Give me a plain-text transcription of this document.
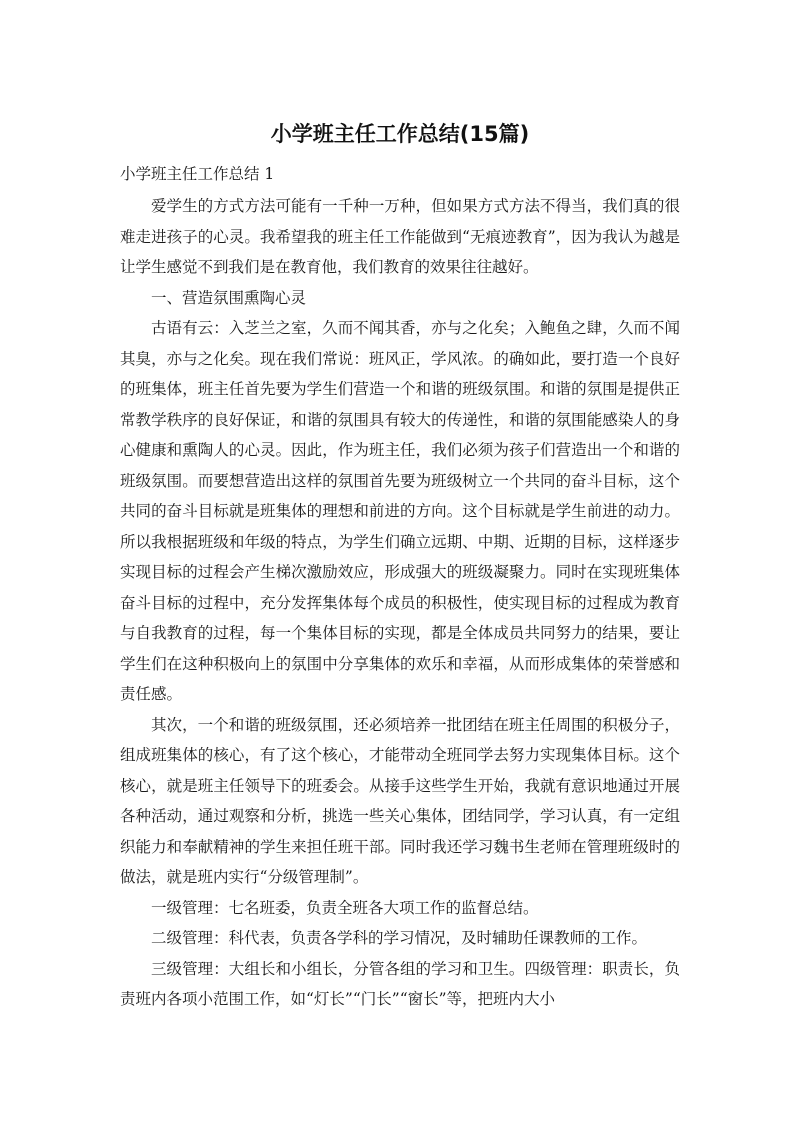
小学班主任工作总结(15篇)
小学班主任工作总结 1

爱学生的方式方法可能有一千种一万种，但如果方式方法不得当，我们真的很难走进孩子的心灵。我希望我的班主任工作能做到“无痕迹教育”，因为我认为越是让学生感觉不到我们是在教育他，我们教育的效果往往越好。

一、营造氛围熏陶心灵

古语有云：入芝兰之室，久而不闻其香，亦与之化矣；入鲍鱼之肆，久而不闻其臭，亦与之化矣。现在我们常说：班风正，学风浓。的确如此，要打造一个良好的班集体，班主任首先要为学生们营造一个和谐的班级氛围。和谐的氛围是提供正常教学秩序的良好保证，和谐的氛围具有较大的传递性，和谐的氛围能感染人的身心健康和熏陶人的心灵。因此，作为班主任，我们必须为孩子们营造出一个和谐的班级氛围。而要想营造出这样的氛围首先要为班级树立一个共同的奋斗目标，这个共同的奋斗目标就是班集体的理想和前进的方向。这个目标就是学生前进的动力。所以我根据班级和年级的特点，为学生们确立远期、中期、近期的目标，这样逐步实现目标的过程会产生梯次激励效应，形成强大的班级凝聚力。同时在实现班集体奋斗目标的过程中，充分发挥集体每个成员的积极性，使实现目标的过程成为教育与自我教育的过程，每一个集体目标的实现，都是全体成员共同努力的结果，要让学生们在这种积极向上的氛围中分享集体的欢乐和幸福，从而形成集体的荣誉感和责任感。

其次，一个和谐的班级氛围，还必须培养一批团结在班主任周围的积极分子，组成班集体的核心，有了这个核心，才能带动全班同学去努力实现集体目标。这个核心，就是班主任领导下的班委会。从接手这些学生开始，我就有意识地通过开展各种活动，通过观察和分析，挑选一些关心集体，团结同学，学习认真，有一定组织能力和奉献精神的学生来担任班干部。同时我还学习魏书生老师在管理班级时的做法，就是班内实行“分级管理制”。

一级管理：七名班委，负责全班各大项工作的监督总结。

二级管理：科代表，负责各学科的学习情况，及时辅助任课教师的工作。

三级管理：大组长和小组长，分管各组的学习和卫生。四级管理：职责长，负责班内各项小范围工作，如“灯长”“门长”“窗长”等，把班内大小
